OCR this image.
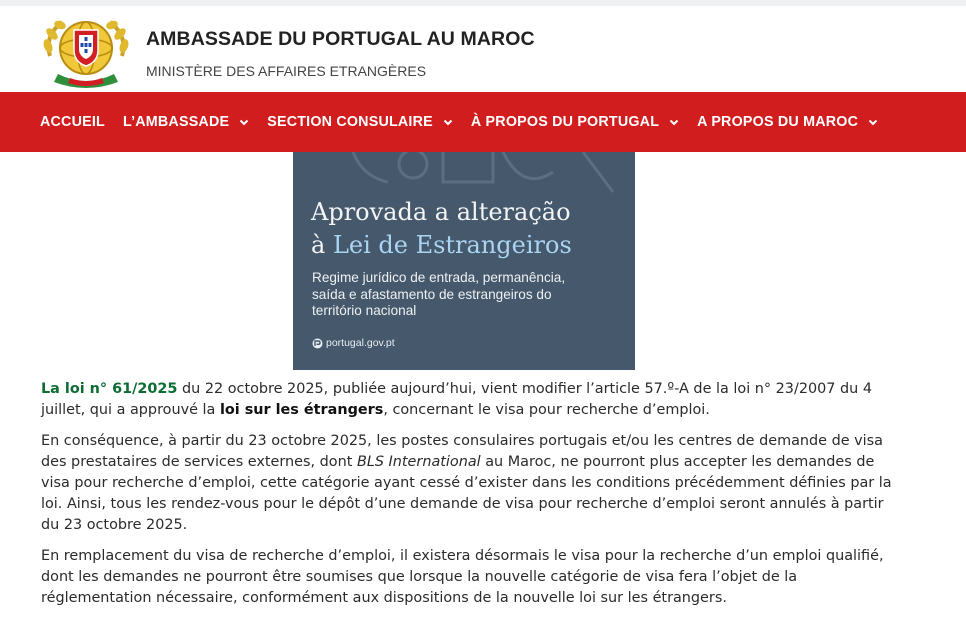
AMBASSADE DU PORTUGAL AU MAROC
MINISTÈRE DES AFFAIRES ETRANGÈRES
ACCUEIL L’AMBASSADE	SECTION CONSULAIRE	À PROPOS DU PORTUGAL	A PROPOS DU MAROC
Aprovada a alteração
à Lei de Estrangeiros
Regime jurídico de entrada, permanência, saída e afastamento de estrangeiros do território nacional
portugal.gov.pt

La loi n° 61/2025 du 22 octobre 2025, publiée aujourd’hui, vient modifier l’article 57.º-A de la loi n° 23/2007 du 4 juillet, qui a approuvé la loi sur les étrangers, concernant le visa pour recherche d’emploi.

En conséquence, à partir du 23 octobre 2025, les postes consulaires portugais et/ou les centres de demande de visa des prestataires de services externes, dont BLS International au Maroc, ne pourront plus accepter les demandes de visa pour recherche d’emploi, cette catégorie ayant cessé d’exister dans les conditions précédemment définies par la loi. Ainsi, tous les rendez-vous pour le dépôt d’une demande de visa pour recherche d’emploi seront annulés à partir du 23 octobre 2025.

En remplacement du visa de recherche d’emploi, il existera désormais le visa pour la recherche d’un emploi qualifié, dont les demandes ne pourront être soumises que lorsque la nouvelle catégorie de visa fera l’objet de la réglementation nécessaire, conformément aux dispositions de la nouvelle loi sur les étrangers.
